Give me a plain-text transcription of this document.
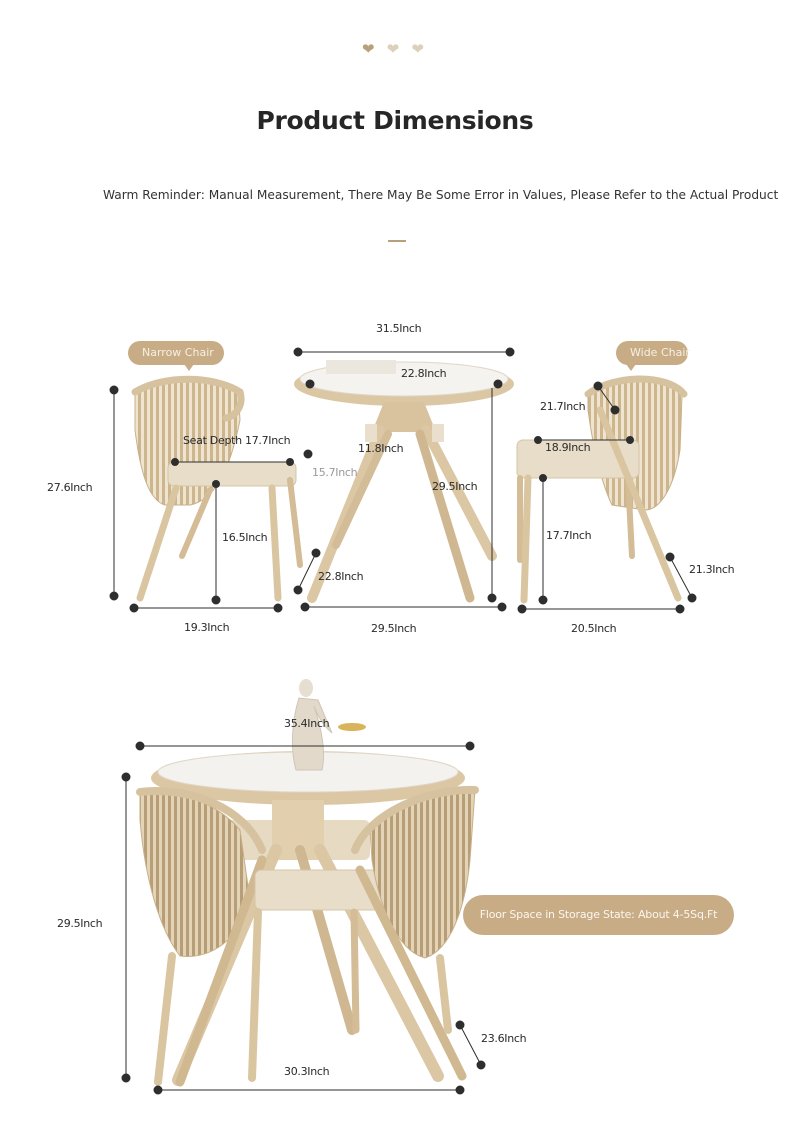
❤ ❤ ❤
Product Dimensions
Warm Reminder: Manual Measurement, There May Be Some Error in Values, Please Refer to the Actual Product
Narrow Chair	Wide Chair
27.6Inch
Seat Depth 17.7Inch
15.7Inch
16.5Inch
19.3Inch
31.5Inch
22.8Inch
11.8Inch
29.5Inch
22.8Inch
29.5Inch
21.7Inch
18.9Inch
17.7Inch
21.3Inch
20.5Inch
35.4Inch
29.5Inch
23.6Inch
30.3Inch
Floor Space in Storage State: About 4-5Sq.Ft
